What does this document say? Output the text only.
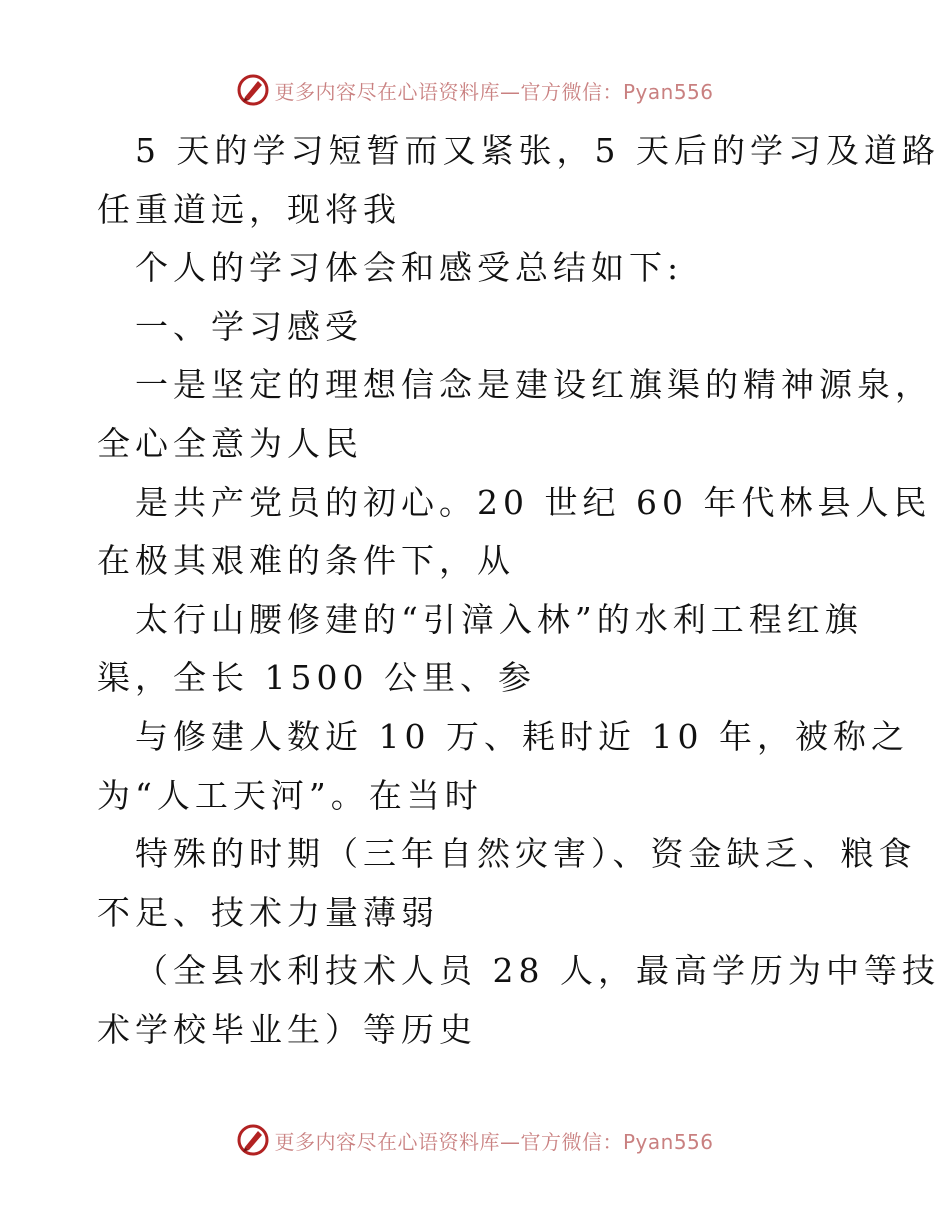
更多内容尽在心语资料库—官方微信：Pyan556
5 天的学习短暂而又紧张，5 天后的学习及道路
任重道远，现将我
个人的学习体会和感受总结如下:
一、学习感受
一是坚定的理想信念是建设红旗渠的精神源泉，
全心全意为人民
是共产党员的初心。20 世纪 60 年代林县人民
在极其艰难的条件下，从
太行山腰修建的“引漳入林”的水利工程红旗
渠，全长 1500 公里、参
与修建人数近 10 万、耗时近 10 年，被称之
为“人工天河”。在当时
特殊的时期（三年自然灾害）、资金缺乏、粮食
不足、技术力量薄弱
（全县水利技术人员 28 人，最高学历为中等技
术学校毕业生）等历史
更多内容尽在心语资料库—官方微信：Pyan556
